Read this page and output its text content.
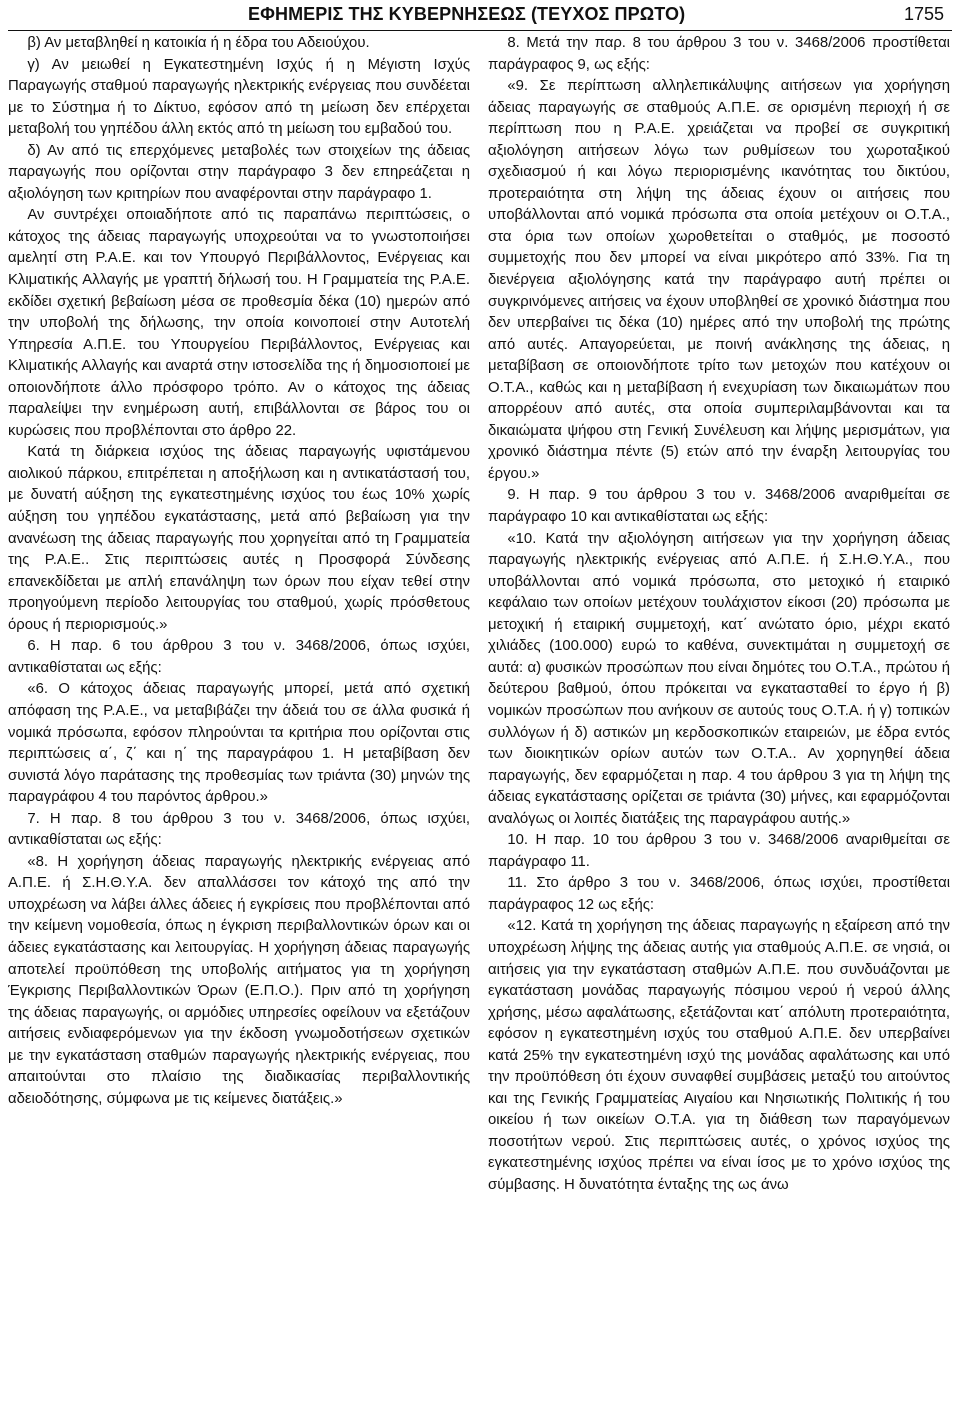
ΕΦΗΜΕΡΙΣ ΤΗΣ ΚΥΒΕΡΝΗΣΕΩΣ (ΤΕΥΧΟΣ ΠΡΩΤΟ)	1755

β) Αν μεταβληθεί η κατοικία ή η έδρα του Αδειούχου.

γ) Αν μειωθεί η Εγκατεστημένη Ισχύς ή η Μέγιστη Ισχύς Παραγωγής σταθμού παραγωγής ηλεκτρικής ενέργειας που συνδέεται με το Σύστημα ή το Δίκτυο, εφόσον από τη μείωση δεν επέρχεται μεταβολή του γηπέδου άλλη εκτός από τη μείωση του εμβαδού του.

δ) Αν από τις επερχόμενες μεταβολές των στοιχείων της άδειας παραγωγής που ορίζονται στην παράγραφο 3 δεν επηρεάζεται η αξιολόγηση των κριτηρίων που αναφέρονται στην παράγραφο 1.

Αν συντρέχει οποιαδήποτε από τις παραπάνω περιπτώσεις, ο κάτοχος της άδειας παραγωγής υποχρεούται να το γνωστοποιήσει αμελητί στη Ρ.Α.Ε. και τον Υπουργό Περιβάλλοντος, Ενέργειας και Κλιματικής Αλλαγής με γραπτή δήλωσή του. Η Γραμματεία της Ρ.Α.Ε. εκδίδει σχετική βεβαίωση μέσα σε προθεσμία δέκα (10) ημερών από την υποβολή της δήλωσης, την οποία κοινοποιεί στην Αυτοτελή Υπηρεσία Α.Π.Ε. του Υπουργείου Περιβάλλοντος, Ενέργειας και Κλιματικής Αλλαγής και αναρτά στην ιστοσελίδα της ή δημοσιοποιεί με οποιονδήποτε άλλο πρόσφορο τρόπο. Αν ο κάτοχος της άδειας παραλείψει την ενημέρωση αυτή, επιβάλλονται σε βάρος του οι κυρώσεις που προβλέπονται στο άρθρο 22.

Κατά τη διάρκεια ισχύος της άδειας παραγωγής υφιστάμενου αιολικού πάρκου, επιτρέπεται η αποξήλωση και η αντικατάστασή του, με δυνατή αύξηση της εγκατεστημένης ισχύος του έως 10% χωρίς αύξηση του γηπέδου εγκατάστασης, μετά από βεβαίωση για την ανανέωση της άδειας παραγωγής που χορηγείται από τη Γραμματεία της Ρ.Α.Ε.. Στις περιπτώσεις αυτές η Προσφορά Σύνδεσης επανεκδίδεται με απλή επανάληψη των όρων που είχαν τεθεί στην προηγούμενη περίοδο λειτουργίας του σταθμού, χωρίς πρόσθετους όρους ή περιορισμούς.»

6. Η παρ. 6 του άρθρου 3 του ν. 3468/2006, όπως ισχύει, αντικαθίσταται ως εξής:

«6. Ο κάτοχος άδειας παραγωγής μπορεί, μετά από σχετική απόφαση της Ρ.Α.Ε., να μεταβιβάζει την άδειά του σε άλλα φυσικά ή νομικά πρόσωπα, εφόσον πληρούνται τα κριτήρια που ορίζονται στις περιπτώσεις α΄, ζ΄ και η΄ της παραγράφου 1. Η μεταβίβαση δεν συνιστά λόγο παράτασης της προθεσμίας των τριάντα (30) μηνών της παραγράφου 4 του παρόντος άρθρου.»

7. Η παρ. 8 του άρθρου 3 του ν. 3468/2006, όπως ισχύει, αντικαθίσταται ως εξής:

«8. Η χορήγηση άδειας παραγωγής ηλεκτρικής ενέργειας από Α.Π.Ε. ή Σ.Η.Θ.Υ.Α. δεν απαλλάσσει τον κάτοχό της από την υποχρέωση να λάβει άλλες άδειες ή εγκρίσεις που προβλέπονται από την κείμενη νομοθεσία, όπως η έγκριση περιβαλλοντικών όρων και οι άδειες εγκατάστασης και λειτουργίας. Η χορήγηση άδειας παραγωγής αποτελεί προϋπόθεση της υποβολής αιτήματος για τη χορήγηση Έγκρισης Περιβαλλοντικών Όρων (Ε.Π.Ο.). Πριν από τη χορήγηση της άδειας παραγωγής, οι αρμόδιες υπηρεσίες οφείλουν να εξετάζουν αιτήσεις ενδιαφερόμενων για την έκδοση γνωμοδοτήσεων σχετικών με την εγκατάσταση σταθμών παραγωγής ηλεκτρικής ενέργειας, που απαιτούνται στο πλαίσιο της διαδικασίας περιβαλλοντικής αδειοδότησης, σύμφωνα με τις κείμενες διατάξεις.»

8. Μετά την παρ. 8 του άρθρου 3 του ν. 3468/2006 προστίθεται παράγραφος 9, ως εξής:

«9. Σε περίπτωση αλληλεπικάλυψης αιτήσεων για χορήγηση άδειας παραγωγής σε σταθμούς Α.Π.Ε. σε ορισμένη περιοχή ή σε περίπτωση που η Ρ.Α.Ε. χρειάζεται να προβεί σε συγκριτική αξιολόγηση αιτήσεων λόγω των ρυθμίσεων του χωροταξικού σχεδιασμού ή και λόγω περιορισμένης ικανότητας του δικτύου, προτεραιότητα στη λήψη της άδειας έχουν οι αιτήσεις που υποβάλλονται από νομικά πρόσωπα στα οποία μετέχουν οι Ο.Τ.Α., στα όρια των οποίων χωροθετείται ο σταθμός, με ποσοστό συμμετοχής που δεν μπορεί να είναι μικρότερο από 33%. Για τη διενέργεια αξιολόγησης κατά την παράγραφο αυτή πρέπει οι συγκρινόμενες αιτήσεις να έχουν υποβληθεί σε χρονικό διάστημα που δεν υπερβαίνει τις δέκα (10) ημέρες από την υποβολή της πρώτης από αυτές. Απαγορεύεται, με ποινή ανάκλησης της άδειας, η μεταβίβαση σε οποιονδήποτε τρίτο των μετοχών που κατέχουν οι Ο.Τ.Α., καθώς και η μεταβίβαση ή ενεχυρίαση των δικαιωμάτων που απορρέουν από αυτές, στα οποία συμπεριλαμβάνονται και τα δικαιώματα ψήφου στη Γενική Συνέλευση και λήψης μερισμάτων, για χρονικό διάστημα πέντε (5) ετών από την έναρξη λειτουργίας του έργου.»

9. Η παρ. 9 του άρθρου 3 του ν. 3468/2006 αναριθμείται σε παράγραφο 10 και αντικαθίσταται ως εξής:

«10. Κατά την αξιολόγηση αιτήσεων για την χορήγηση άδειας παραγωγής ηλεκτρικής ενέργειας από Α.Π.Ε. ή Σ.Η.Θ.Υ.Α., που υποβάλλονται από νομικά πρόσωπα, στο μετοχικό ή εταιρικό κεφάλαιο των οποίων μετέχουν τουλάχιστον είκοσι (20) πρόσωπα με μετοχική ή εταιρική συμμετοχή, κατ΄ ανώτατο όριο, μέχρι εκατό χιλιάδες (100.000) ευρώ το καθένα, συνεκτιμάται η συμμετοχή σε αυτά: α) φυσικών προσώπων που είναι δημότες του Ο.Τ.Α., πρώτου ή δεύτερου βαθμού, όπου πρόκειται να εγκατασταθεί το έργο ή β) νομικών προσώπων που ανήκουν σε αυτούς τους Ο.Τ.Α. ή γ) τοπικών συλλόγων ή δ) αστικών μη κερδοσκοπικών εταιρειών, με έδρα εντός των διοικητικών ορίων αυτών των Ο.Τ.Α.. Αν χορηγηθεί άδεια παραγωγής, δεν εφαρμόζεται η παρ. 4 του άρθρου 3 για τη λήψη της άδειας εγκατάστασης ορίζεται σε τριάντα (30) μήνες, και εφαρμόζονται αναλόγως οι λοιπές διατάξεις της παραγράφου αυτής.»

10. Η παρ. 10 του άρθρου 3 του ν. 3468/2006 αναριθμείται σε παράγραφο 11.

11. Στο άρθρο 3 του ν. 3468/2006, όπως ισχύει, προστίθεται παράγραφος 12 ως εξής:

«12. Κατά τη χορήγηση της άδειας παραγωγής η εξαίρεση από την υποχρέωση λήψης της άδειας αυτής για σταθμούς Α.Π.Ε. σε νησιά, οι αιτήσεις για την εγκατάσταση σταθμών Α.Π.Ε. που συνδυάζονται με εγκατάσταση μονάδας παραγωγής πόσιμου νερού ή νερού άλλης χρήσης, μέσω αφαλάτωσης, εξετάζονται κατ΄ απόλυτη προτεραιότητα, εφόσον η εγκατεστημένη ισχύς του σταθμού Α.Π.Ε. δεν υπερβαίνει κατά 25% την εγκατεστημένη ισχύ της μονάδας αφαλάτωσης και υπό την προϋπόθεση ότι έχουν συναφθεί συμβάσεις μεταξύ του αιτούντος και της Γενικής Γραμματείας Αιγαίου και Νησιωτικής Πολιτικής ή του οικείου ή των οικείων Ο.Τ.Α. για τη διάθεση των παραγόμενων ποσοτήτων νερού. Στις περιπτώσεις αυτές, ο χρόνος ισχύος της εγκατεστημένης ισχύος πρέπει να είναι ίσος με το χρόνο ισχύος της σύμβασης. Η δυνατότητα ένταξης της ως άνω
